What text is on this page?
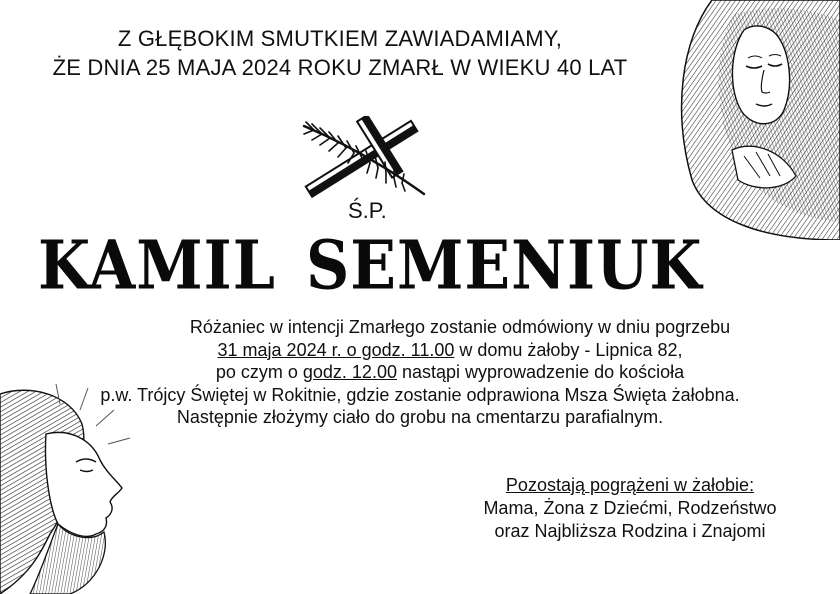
Z GŁĘBOKIM SMUTKIEM ZAWIADAMIAMY,
ŻE DNIA 25 MAJA 2024 ROKU ZMARŁ W WIEKU 40 LAT
Ś.P.
KAMIL SEMENIUK
Różaniec w intencji Zmarłego zostanie odmówiony w dniu pogrzebu
31 maja 2024 r. o godz. 11.00 w domu żałoby - Lipnica 82,
po czym o godz. 12.00 nastąpi wyprowadzenie do kościoła
p.w. Trójcy Świętej w Rokitnie, gdzie zostanie odprawiona Msza Święta żałobna.
Następnie złożymy ciało do grobu na cmentarzu parafialnym.
Pozostają pogrążeni w żałobie:
Mama, Żona z Dziećmi, Rodzeństwo
oraz Najbliższa Rodzina i Znajomi
